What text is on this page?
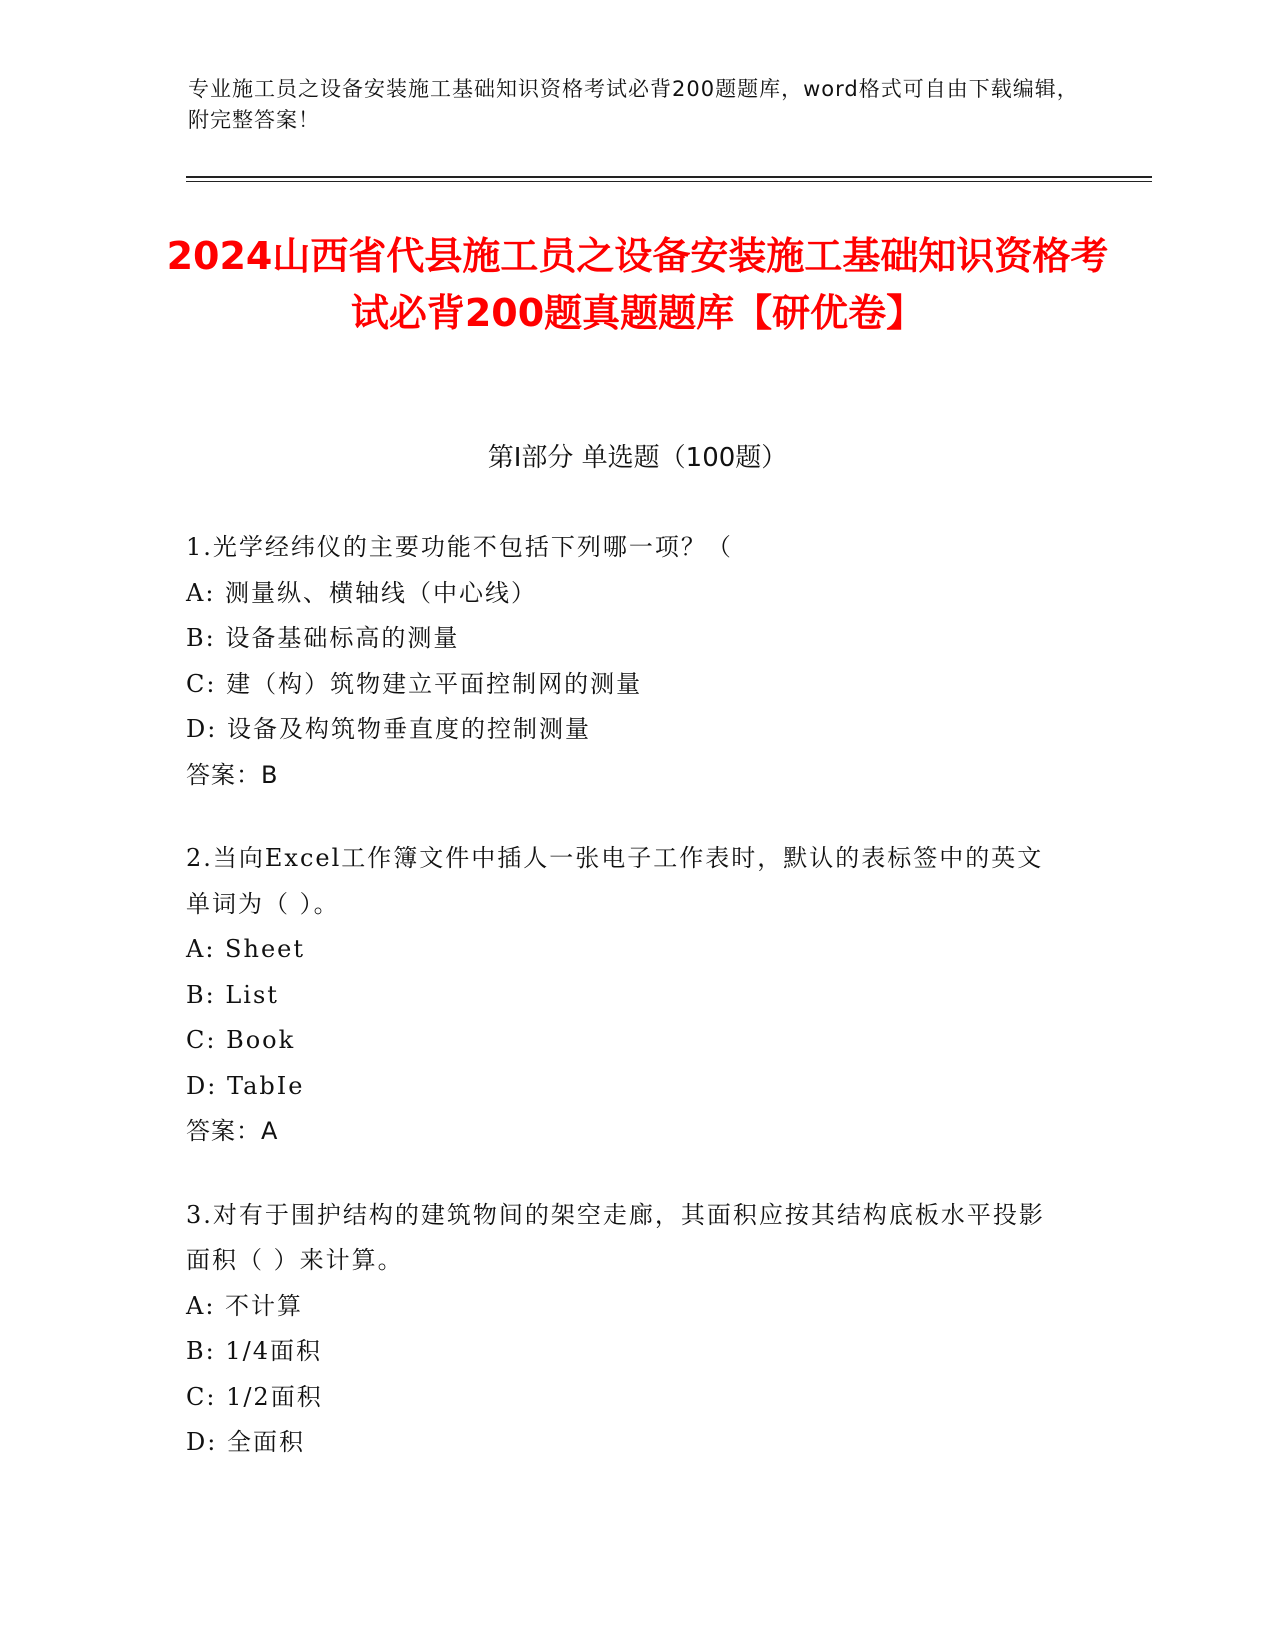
专业施工员之设备安装施工基础知识资格考试必背200题题库，word格式可自由下载编辑，附完整答案！
2024山西省代县施工员之设备安装施工基础知识资格考试必背200题真题题库【研优卷】
第I部分 单选题（100题）
1.光学经纬仪的主要功能不包括下列哪一项？（
A: 测量纵、横轴线（中心线）
B: 设备基础标高的测量
C: 建（构）筑物建立平面控制网的测量
D: 设备及构筑物垂直度的控制测量
答案：B
2.当向Excel工作簿文件中插人一张电子工作表时，默认的表标签中的英文单词为（ ）。
A: Sheet
B: List
C: Book
D: TabIe
答案：A
3.对有于围护结构的建筑物间的架空走廊，其面积应按其结构底板水平投影面积（ ）来计算。
A: 不计算
B: 1/4面积
C: 1/2面积
D: 全面积
